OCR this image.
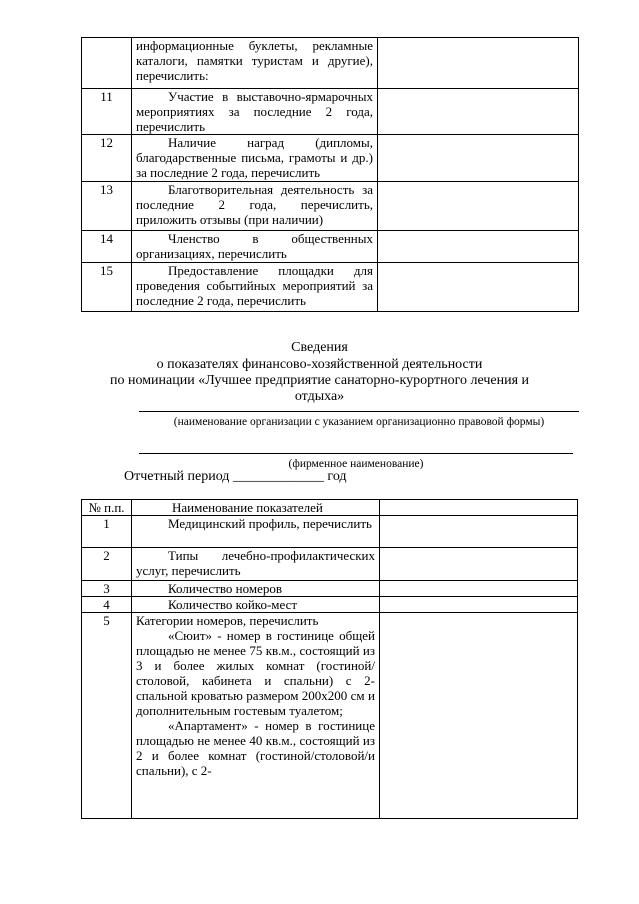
	информационные буклеты, рекламные каталоги, памятки туристам и другие), перечислить:	
11	Участие в выставочно-ярмарочных мероприятиях за последние 2 года, перечислить	
12	Наличие наград (дипломы, благодарственные письма, грамоты и др.) за последние 2 года, перечислить	
13	Благотворительная деятельность за последние 2 года, перечислить, приложить отзывы (при наличии)	
14	Членство в общественных организациях, перечислить	
15	Предоставление площадки для проведения событийных мероприятий за последние 2 года, перечислить	
Сведения
о показателях финансово-хозяйственной деятельности
по номинации «Лучшее предприятие санаторно-курортного лечения и
отдыха»
(наименование организации с указанием организационно правовой формы)
(фирменное наименование)
Отчетный период _____________ год
№ п.п.	Наименование показателей	
1	Медицинский профиль, перечислить	
2	Типы лечебно-профилактических услуг, перечислить	
3	Количество номеров	
4	Количество койко-мест	
5	Категории номеров, перечислить
«Сюит» - номер в гостинице общей площадью не менее 75 кв.м., состоящий из 3 и более жилых комнат (гостиной/столовой, кабинета и спальни) с 2-спальной кроватью размером 200х200 см и дополнительным гостевым туалетом;
«Апартамент» - номер в гостинице площадью не менее 40 кв.м., состоящий из 2 и более комнат (гостиной/столовой/и спальни), с 2-	
